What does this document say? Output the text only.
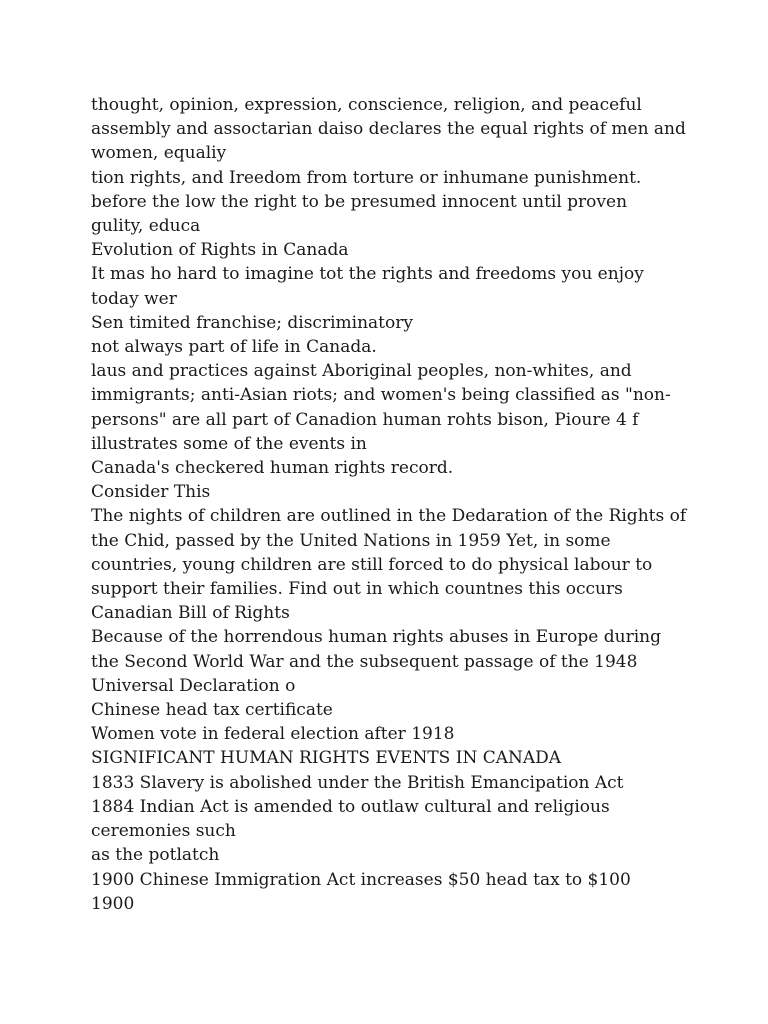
thought, opinion, expression, conscience, religion, and peaceful
assembly and assoctarian daiso declares the equal rights of men and
women, equaliy
tion rights, and Ireedom from torture or inhumane punishment.
before the low the right to be presumed innocent until proven
gulity, educa
Evolution of Rights in Canada
It mas ho hard to imagine tot the rights and freedoms you enjoy
today wer
Sen timited franchise; discriminatory
not always part of life in Canada.
laus and practices against Aboriginal peoples, non-whites, and
immigrants; anti-Asian riots; and women's being classified as "non-
persons" are all part of Canadion human rohts bison, Pioure 4 f
illustrates some of the events in
Canada's checkered human rights record.
Consider This
The nights of children are outlined in the Dedaration of the Rights of
the Chid, passed by the United Nations in 1959 Yet, in some
countries, young children are still forced to do physical labour to
support their families. Find out in which countnes this occurs
Canadian Bill of Rights
Because of the horrendous human rights abuses in Europe during
the Second World War and the subsequent passage of the 1948
Universal Declaration o
Chinese head tax certificate
Women vote in federal election after 1918
SIGNIFICANT HUMAN RIGHTS EVENTS IN CANADA
1833 Slavery is abolished under the British Emancipation Act
1884 Indian Act is amended to outlaw cultural and religious
ceremonies such
as the potlatch
1900 Chinese Immigration Act increases $50 head tax to $100
1900
